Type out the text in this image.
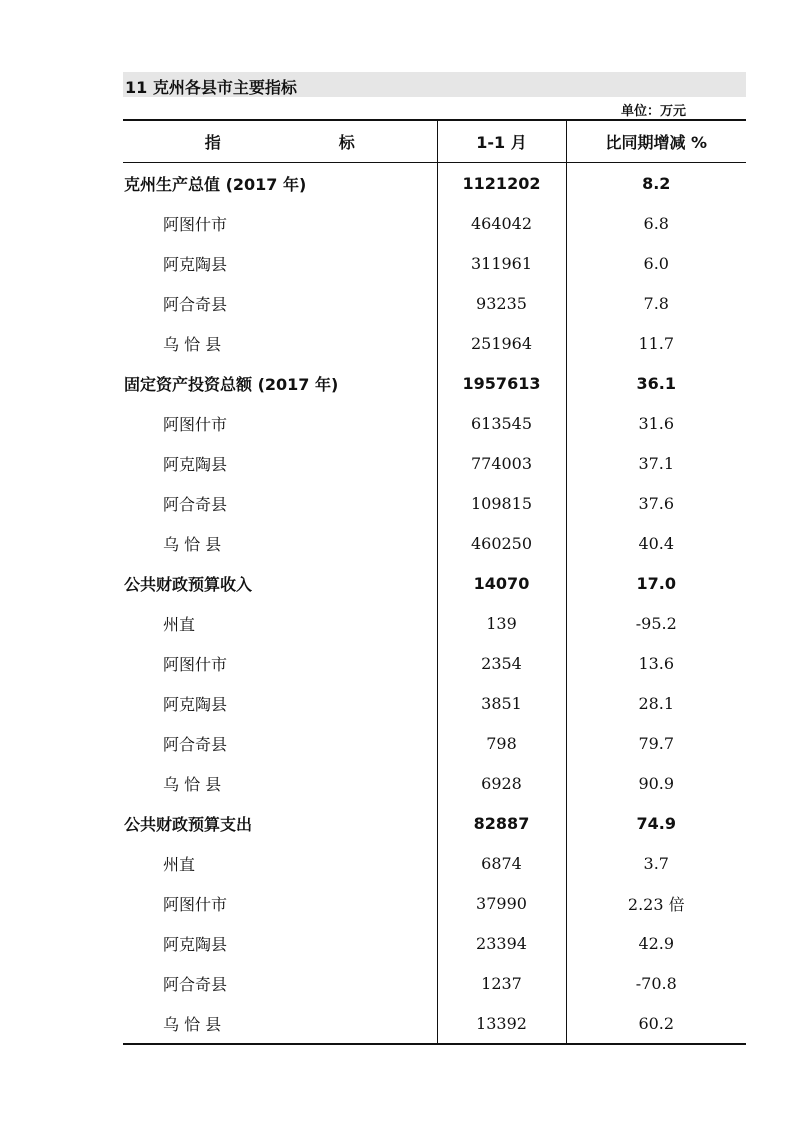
11 克州各县市主要指标
单位：万元
指 标	1-1 月	比同期增减 %
克州生产总值 (2017 年)	1121202	8.2
阿图什市	464042	6.8
阿克陶县	311961	6.0
阿合奇县	93235	7.8
乌 恰 县	251964	11.7
固定资产投资总额 (2017 年)	1957613	36.1
阿图什市	613545	31.6
阿克陶县	774003	37.1
阿合奇县	109815	37.6
乌 恰 县	460250	40.4
公共财政预算收入	14070	17.0
州直	139	-95.2
阿图什市	2354	13.6
阿克陶县	3851	28.1
阿合奇县	798	79.7
乌 恰 县	6928	90.9
公共财政预算支出	82887	74.9
州直	6874	3.7
阿图什市	37990	2.23 倍
阿克陶县	23394	42.9
阿合奇县	1237	-70.8
乌 恰 县	13392	60.2
